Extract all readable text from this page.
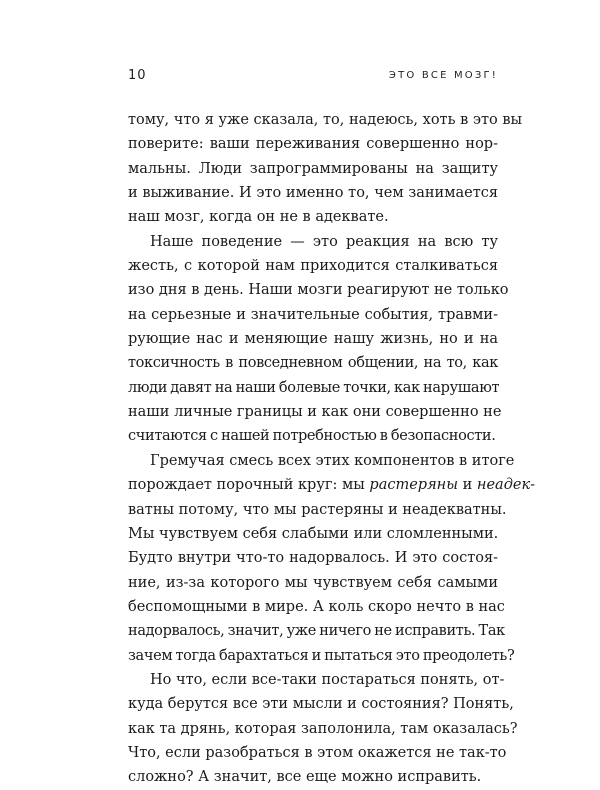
10	ЭТО ВСЕ МОЗГ!
тому, что я уже сказала, то, надеюсь, хоть в это вы
поверите: ваши переживания совершенно нор-
мальны. Люди запрограммированы на защиту
и выживание. И это именно то, чем занимается
наш мозг, когда он не в адеквате.
Наше поведение — это реакция на всю ту
жесть, с которой нам приходится сталкиваться
изо дня в день. Наши мозги реагируют не только
на серьезные и значительные события, травми-
рующие нас и меняющие нашу жизнь, но и на
токсичность в повседневном общении, на то, как
люди давят на наши болевые точки, как нарушают
наши личные границы и как они совершенно не
считаются с нашей потребностью в безопасности.
Гремучая смесь всех этих компонентов в итоге
порождает порочный круг: мы растеряны и неадек-
ватны потому, что мы растеряны и неадекватны.
Мы чувствуем себя слабыми или сломленными.
Будто внутри что-то надорвалось. И это состоя-
ние, из-за которого мы чувствуем себя самыми
беспомощными в мире. А коль скоро нечто в нас
надорвалось, значит, уже ничего не исправить. Так
зачем тогда барахтаться и пытаться это преодолеть?
Но что, если все-таки постараться понять, от-
куда берутся все эти мысли и состояния? Понять,
как та дрянь, которая заполонила, там оказалась?
Что, если разобраться в этом окажется не так-то
сложно? А значит, все еще можно исправить.
